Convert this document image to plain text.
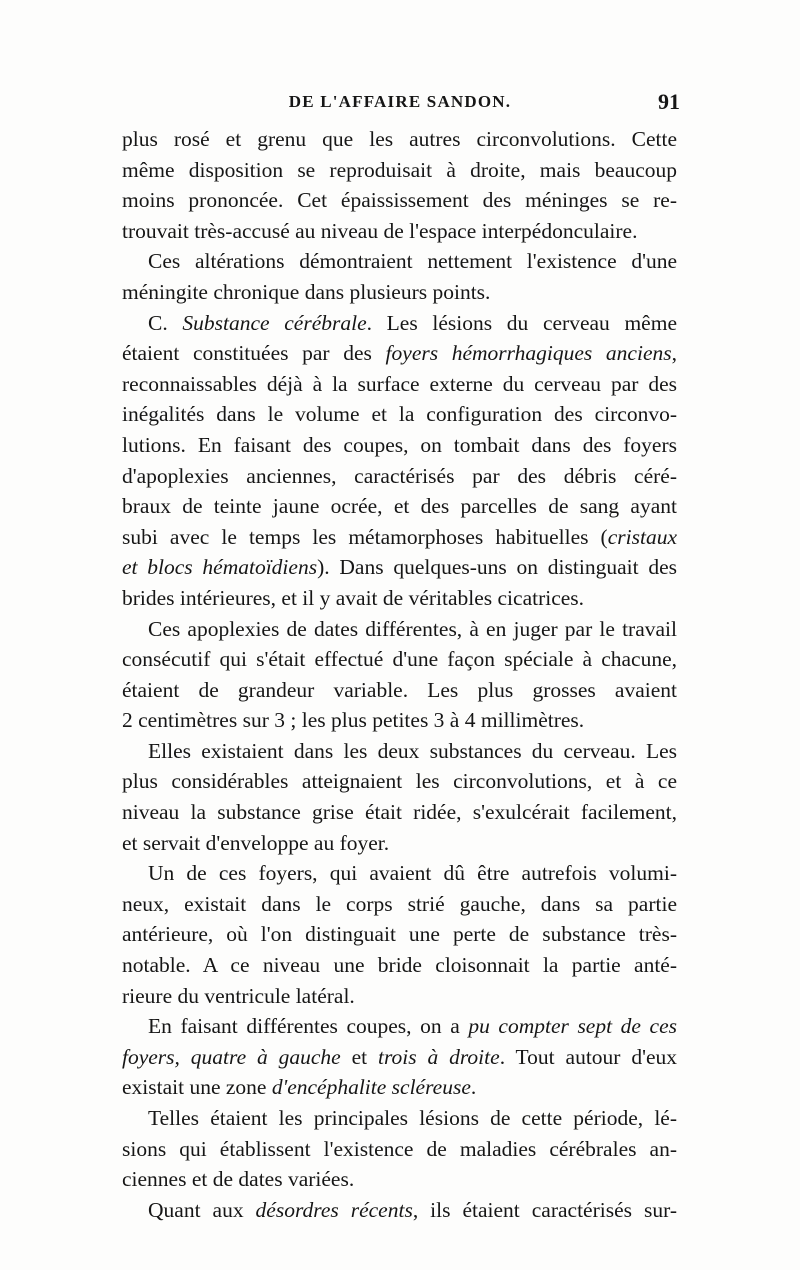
DE L'AFFAIRE SANDON.	91
plus rosé et grenu que les autres circonvolutions. Cette
même disposition se reproduisait à droite, mais beaucoup
moins prononcée. Cet épaississement des méninges se re-
trouvait très-accusé au niveau de l'espace interpédonculaire.
Ces altérations démontraient nettement l'existence d'une
méningite chronique dans plusieurs points.
C. Substance cérébrale. Les lésions du cerveau même
étaient constituées par des foyers hémorrhagiques anciens,
reconnaissables déjà à la surface externe du cerveau par des
inégalités dans le volume et la configuration des circonvo-
lutions. En faisant des coupes, on tombait dans des foyers
d'apoplexies anciennes, caractérisés par des débris céré-
braux de teinte jaune ocrée, et des parcelles de sang ayant
subi avec le temps les métamorphoses habituelles (cristaux
et blocs hématoïdiens). Dans quelques-uns on distinguait des
brides intérieures, et il y avait de véritables cicatrices.
Ces apoplexies de dates différentes, à en juger par le travail
consécutif qui s'était effectué d'une façon spéciale à chacune,
étaient de grandeur variable. Les plus grosses avaient
2 centimètres sur 3 ; les plus petites 3 à 4 millimètres.
Elles existaient dans les deux substances du cerveau. Les
plus considérables atteignaient les circonvolutions, et à ce
niveau la substance grise était ridée, s'exulcérait facilement,
et servait d'enveloppe au foyer.
Un de ces foyers, qui avaient dû être autrefois volumi-
neux, existait dans le corps strié gauche, dans sa partie
antérieure, où l'on distinguait une perte de substance très-
notable. A ce niveau une bride cloisonnait la partie anté-
rieure du ventricule latéral.
En faisant différentes coupes, on a pu compter sept de ces
foyers, quatre à gauche et trois à droite. Tout autour d'eux
existait une zone d'encéphalite scléreuse.
Telles étaient les principales lésions de cette période, lé-
sions qui établissent l'existence de maladies cérébrales an-
ciennes et de dates variées.
Quant aux désordres récents, ils étaient caractérisés sur-
